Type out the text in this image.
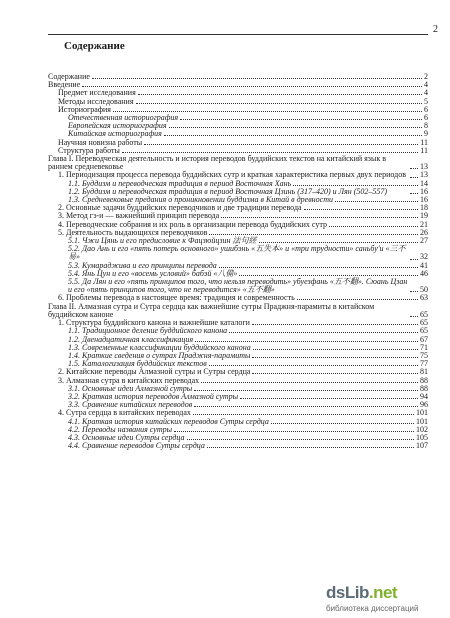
2
Содержание
Содержание	2
Введение	4
Предмет исследования	4
Методы исследования	5
Историография	6
Отечественная историография	6
Европейская историография	8
Китайская историография	9
Научная новизна работы	11
Структура работы	11
Глава I. Переводческая деятельность и история переводов буддийских текстов на китайский язык в раннем средневековье	13
1. Периодизация процесса перевода буддийских сутр и краткая характеристика первых двух периодов 13
1.1. Буддизм и переводческая традиция в период Восточная Хань	14
1.2. Буддизм и переводческая традиция в период Восточная Цзинь (317–420) и Лян (502–557)	16
1.3. Средневековые предания о проникновении буддизма в Китай в древности	16
2. Основные задачи буддийских переводчиков и две традиции перевода	18
3. Метод гэ-и — важнейший принцип перевода	19
4. Переводческие собрания и их роль в организации перевода буддийских сутр	21
5. Деятельность выдающихся переводчиков	26
5.1. Чжи Цянь и его предисловие к Фацзюйцзин 法句經	27
5.2. Дао Ань и его «пять потерь основного» ушибэнь «五失本» и «три трудности» саньбу'и «三不易»	32
5.3. Кумараджива и его принципы перевода	41
5.4. Янь Цун и его «восемь условий» бабэй «八備»	46
5.5. Да Лян и его «пять принципов того, что нельзя переводить» убуезфань «五不翻». Сюань Цзан и его «пять принципов того, что не переводится» «五不翻»	50
6. Проблемы перевода в настоящее время: традиция и современность	63
Глава II. Алмазная сутра и Сутра сердца как важнейшие сутры Праджня-парамиты в китайском буддийском каноне	65
1. Структура буддийского канона и важнейшие каталоги	65
1.1. Традиционное деление буддийского канона	65
1.2. Двенадцатичная классификация	67
1.3. Современные классификации буддийского канона	71
1.4. Краткие сведения о сутрах Праджня-парамиты	75
1.5. Каталогизация буддийских текстов	77
2. Китайские переводы Алмазной сутры и Сутры сердца	81
3. Алмазная сутра в китайских переводах	88
3.1. Основные идеи Алмазной сутры	88
3.2. Краткая история переводов Алмазной сутры	94
3.3. Сравнение китайских переводов	96
4. Сутра сердца в китайских переводах	101
4.1. Краткая история китайских переводов Сутры сердца	101
4.2. Переводы названия сутры	102
4.3. Основные идеи Сутры сердца	105
4.4. Сравнение переводов Сутры сердца	107
dsLib.net
библиотека диссертаций
